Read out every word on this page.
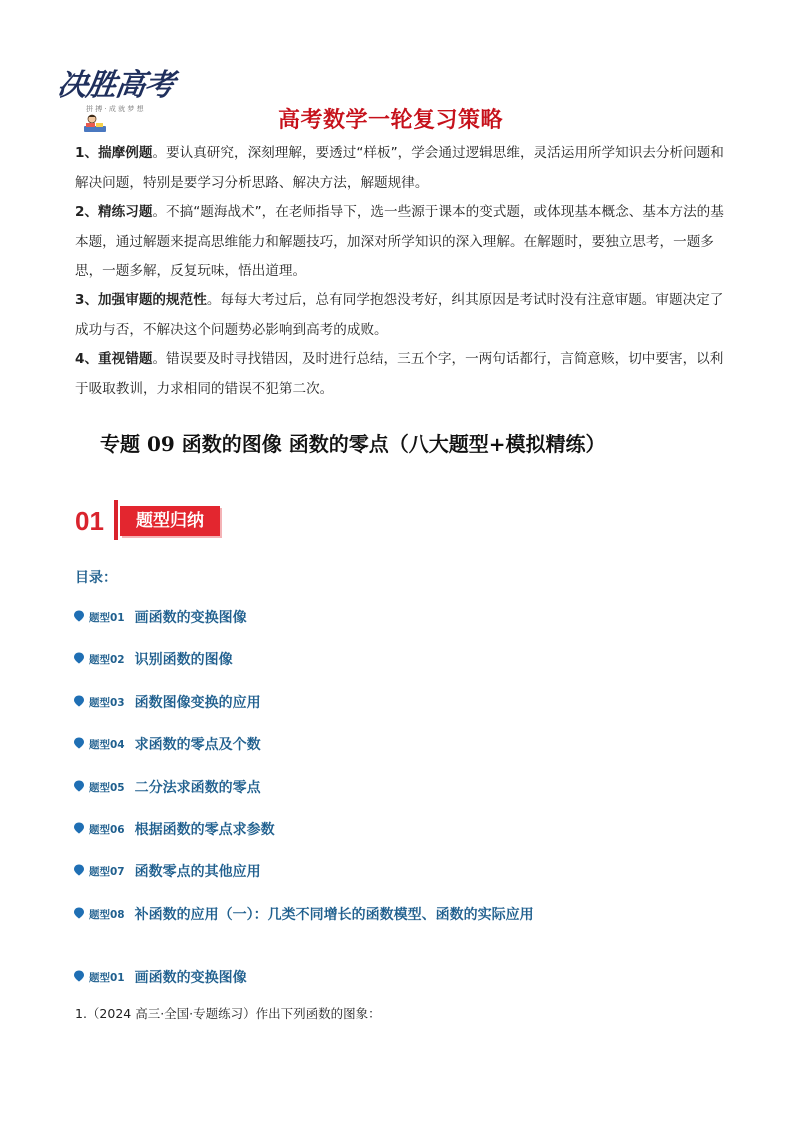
决胜高考
拼 搏 · 成 就 梦 想	高考数学一轮复习策略
1、揣摩例题。要认真研究，深刻理解，要透过“样板”，学会通过逻辑思维，灵活运用所学知识去分析问题和解决问题，特别是要学习分析思路、解决方法，解题规律。
2、精练习题。不搞“题海战术”，在老师指导下，选一些源于课本的变式题，或体现基本概念、基本方法的基本题，通过解题来提高思维能力和解题技巧，加深对所学知识的深入理解。在解题时，要独立思考，一题多思，一题多解，反复玩味，悟出道理。
3、加强审题的规范性。每每大考过后，总有同学抱怨没考好，纠其原因是考试时没有注意审题。审题决定了成功与否，不解决这个问题势必影响到高考的成败。
4、重视错题。错误要及时寻找错因，及时进行总结，三五个字，一两句话都行，言简意赅，切中要害，以利于吸取教训，力求相同的错误不犯第二次。
专题 09 函数的图像 函数的零点（八大题型+模拟精练）
01	题型归纳
目录：
题型01 画函数的变换图像
题型02 识别函数的图像
题型03 函数图像变换的应用
题型04 求函数的零点及个数
题型05 二分法求函数的零点
题型06 根据函数的零点求参数
题型07 函数零点的其他应用
题型08 补函数的应用（一）：几类不同增长的函数模型、函数的实际应用
题型01 画函数的变换图像
1.（2024 高三·全国·专题练习）作出下列函数的图象：
